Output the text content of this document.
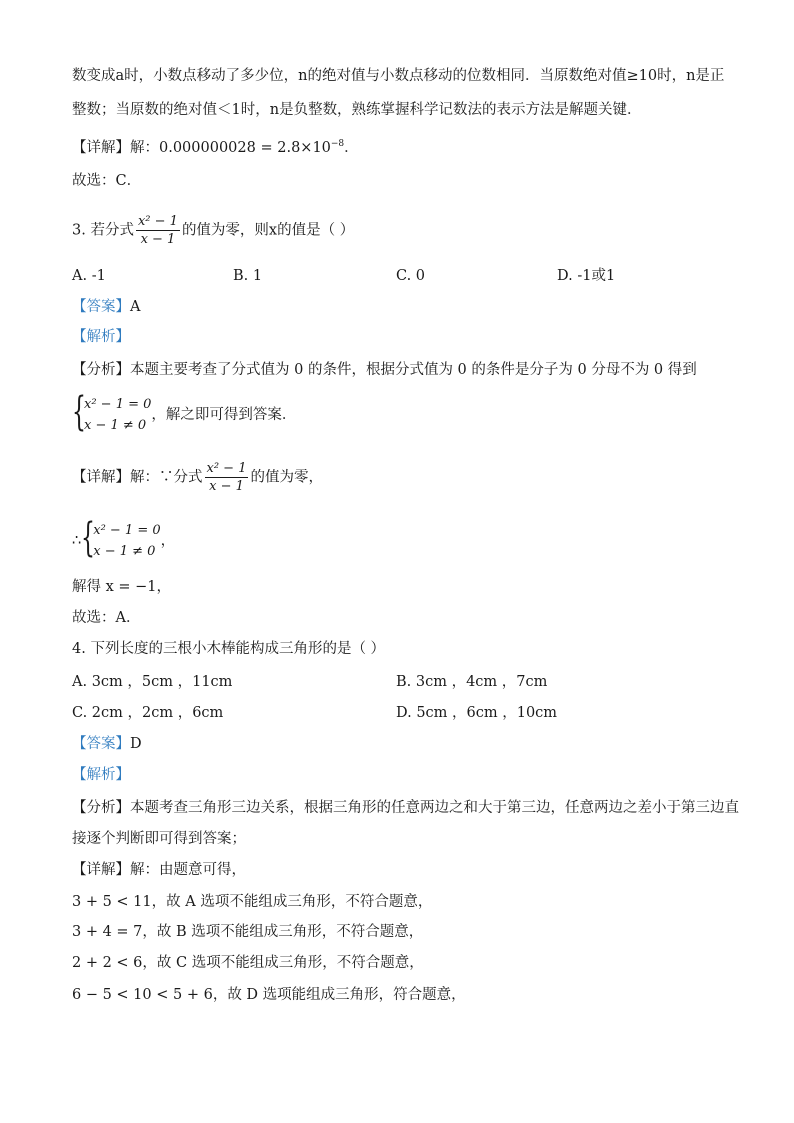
数变成a时，小数点移动了多少位，n的绝对值与小数点移动的位数相同．当原数绝对值≥10时，n是正
整数；当原数的绝对值＜1时，n是负整数，熟练掌握科学记数法的表示方法是解题关键．
【详解】解：$0.000000028 = 2.8\times 10^{-8}$．
故选：C．
3. 若分式 $\frac{\text{x² − 1}}{x - 1}$ 的值为零，则x的值是（ ）
A. -1	B. 1	C. 0	D. -1或1
【答案】A
【解析】
【分析】本题主要考查了分式值为 0 的条件，根据分式值为 0 的条件是分子为 0 分母不为 0 得到
{
x² − 1 = 0
x − 1 ≠ 0
，解之即可得到答案．
【详解】解：∵分式 $\frac{\text{x² − 1}}{x - 1}$ 的值为零，
∴ {
x² − 1 = 0
x − 1 ≠ 0
，
解得 x = −1，
故选：A．
4. 下列长度的三根小木棒能构成三角形的是（ ）
A. 3cm ，5cm ，11cm	B. 3cm ，4cm ，7cm
C. 2cm ，2cm ，6cm	D. 5cm ，6cm ，10cm
【答案】D
【解析】
【分析】本题考查三角形三边关系，根据三角形的任意两边之和大于第三边，任意两边之差小于第三边直
接逐个判断即可得到答案；
【详解】解：由题意可得，
3 + 5 < 11，故 A 选项不能组成三角形，不符合题意，
3 + 4 = 7，故 B 选项不能组成三角形，不符合题意，
2 + 2 < 6，故 C 选项不能组成三角形，不符合题意，
6 − 5 < 10 < 5 + 6，故 D 选项能组成三角形，符合题意，
